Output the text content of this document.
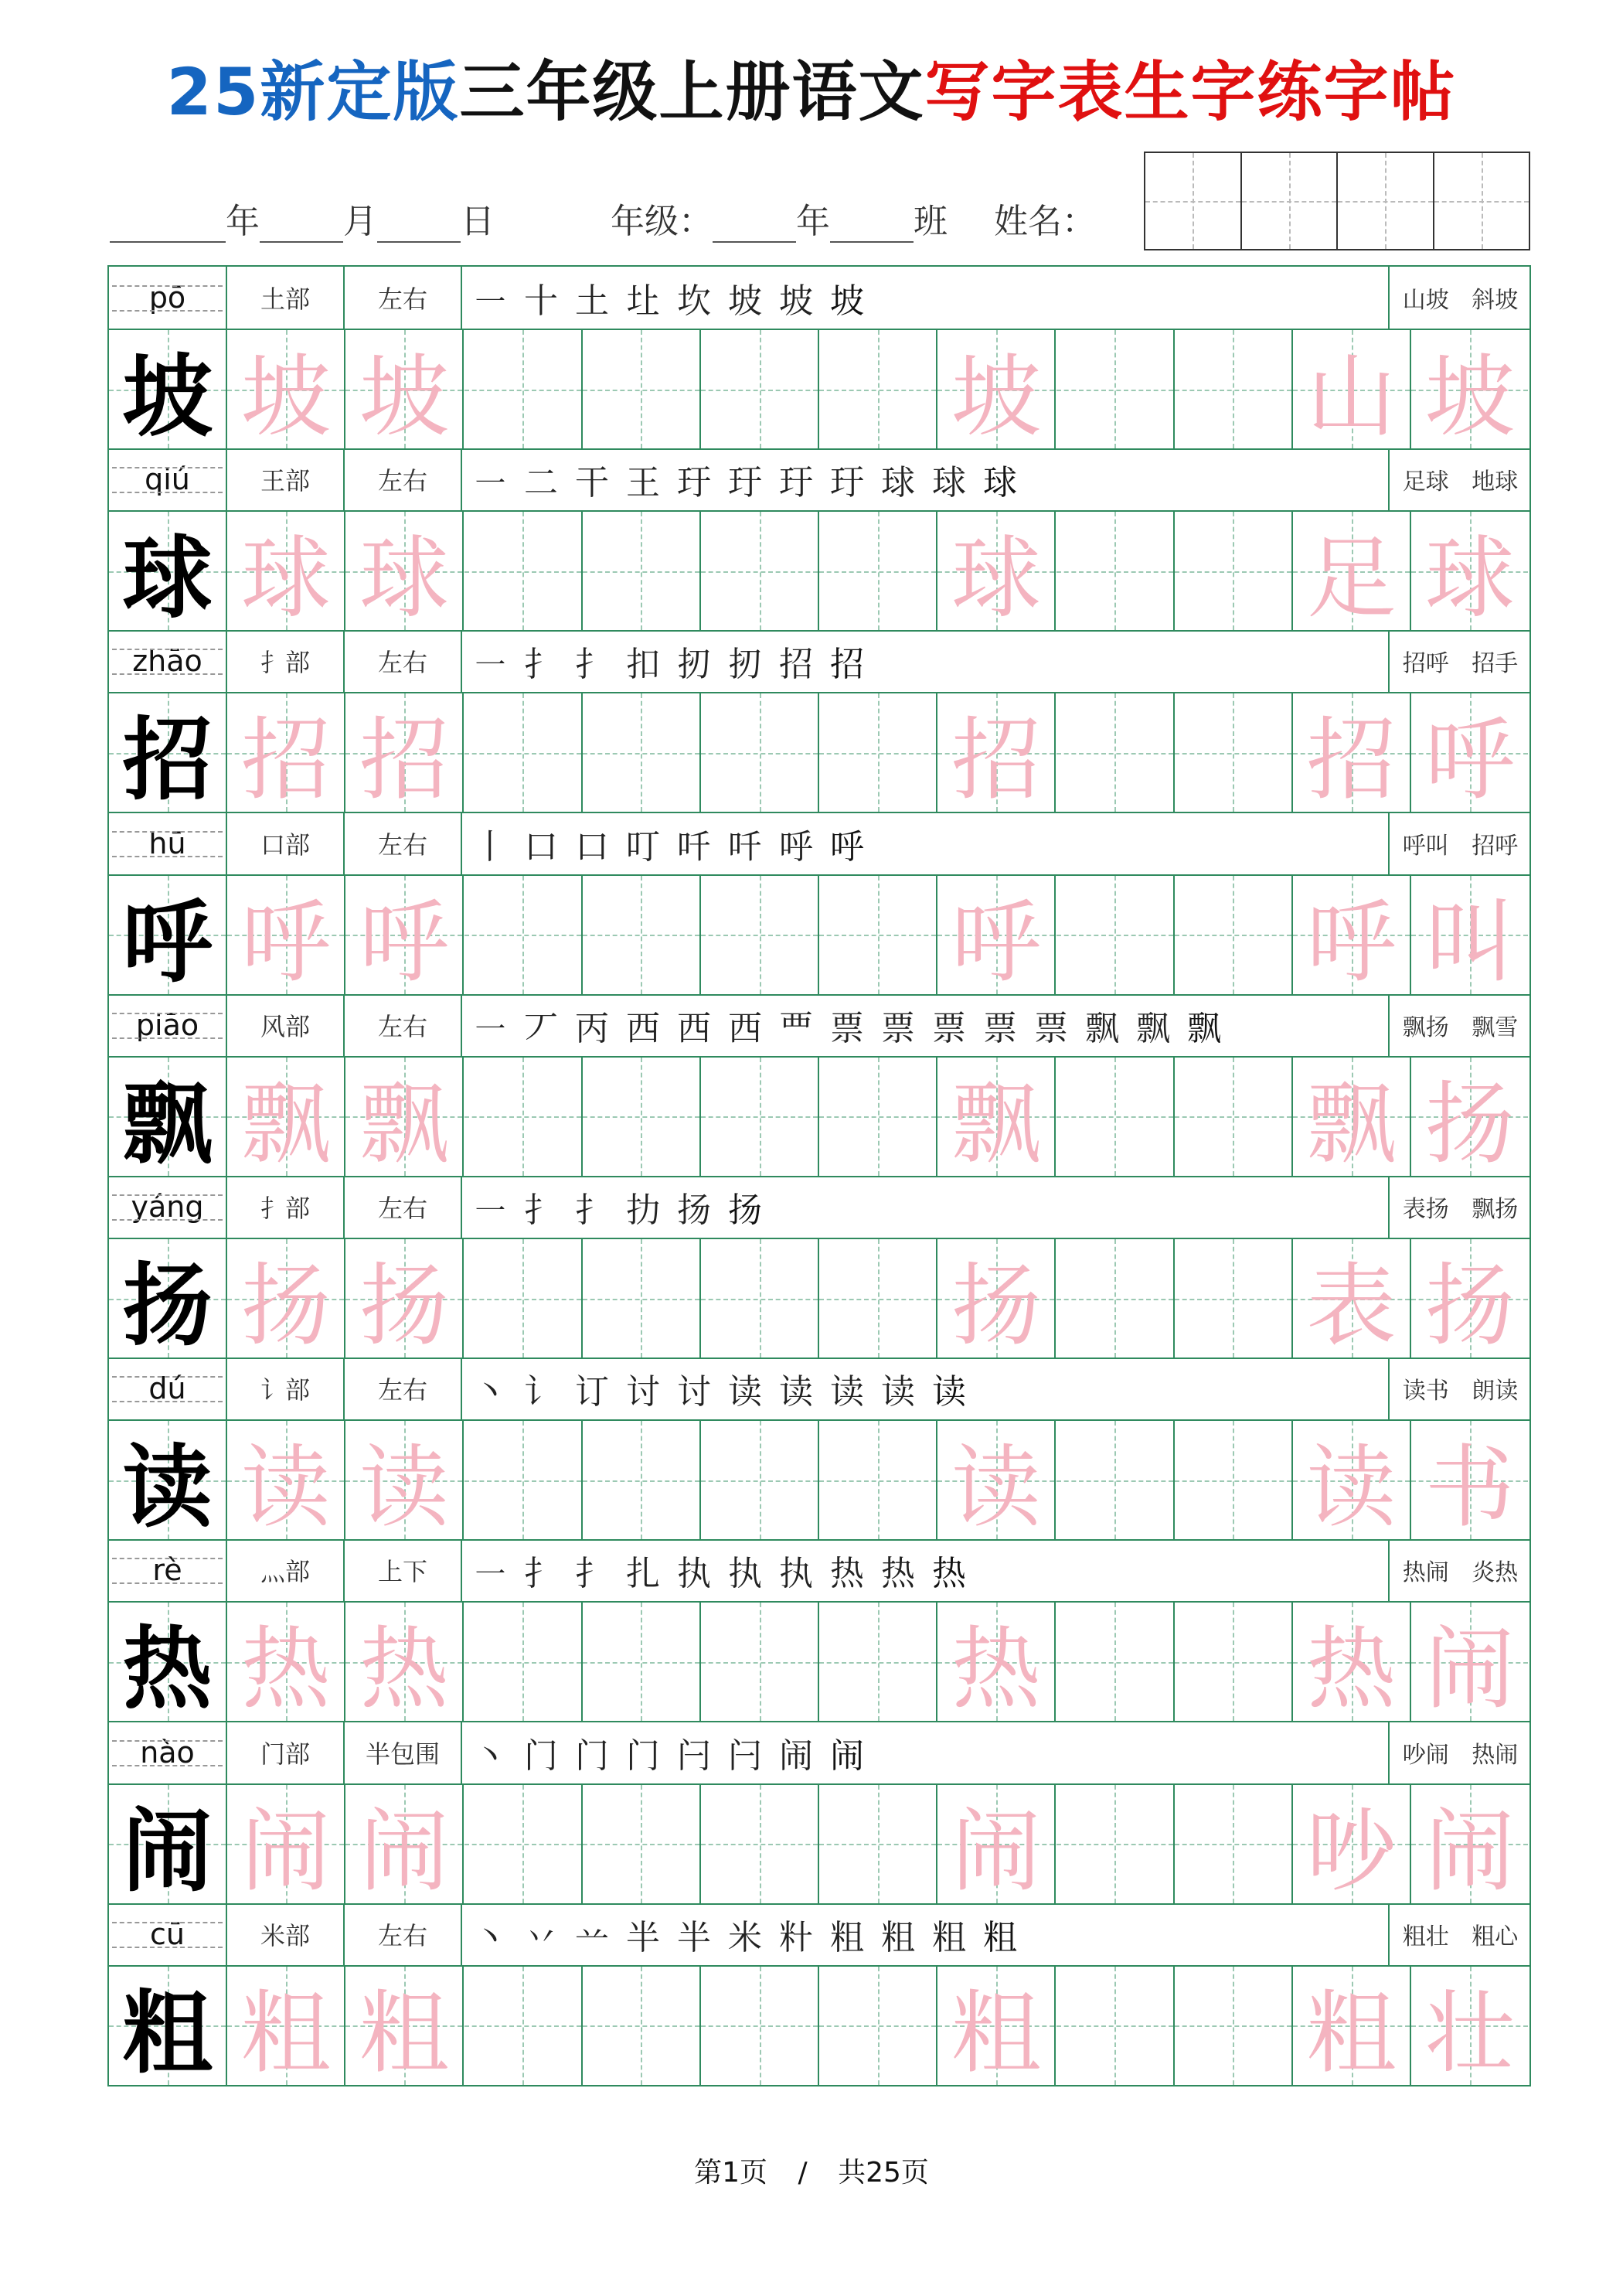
25新定版三年级上册语文写字表生字练字帖
年 月 日	年级： 年 班 姓名：
pō	土部	左右	㇐ 十 土 圵 坎 坡 坡 坡	山坡 斜坡
坡 坡 坡	坡	山 坡
qiú	王部	左右	㇐ 二 干 王 玗 玗 玗 玗 球 球 球	足球 地球
球 球 球	球	足 球
zhāo	扌部	左右	㇐ 扌 扌 扣 扨 扨 招 招	招呼 招手
招 招 招	招	招 呼
hū	口部	左右	丨 口 口 叮 吀 吀 呼 呼	呼叫 招呼
呼 呼 呼	呼	呼 叫
piāo	风部	左右	㇐ 丆 丙 西 西 西 覀 票 票 票 票 票 飘 飘 飘	飘扬 飘雪
飘 飘 飘	飘	飘 扬
yáng	扌部	左右	㇐ 扌 扌 扐 扬 扬	表扬 飘扬
扬 扬 扬	扬	表 扬
dú	讠部	左右	丶 讠 订 讨 讨 读 读 读 读 读	读书 朗读
读 读 读	读	读 书
rè	灬部	上下	㇐ 扌 扌 扎 执 执 执 热 热 热	热闹 炎热
热 热 热	热	热 闹
nào	门部	半包围 丶 门 门 门 闩 闩 闹 闹	吵闹 热闹
闹 闹 闹	闹	吵 闹
cū	米部	左右	丶 丷 䒑 半 半 米 籵 粗 粗 粗 粗	粗壮 粗心
粗 粗 粗	粗	粗 壮
第1页 / 共25页
